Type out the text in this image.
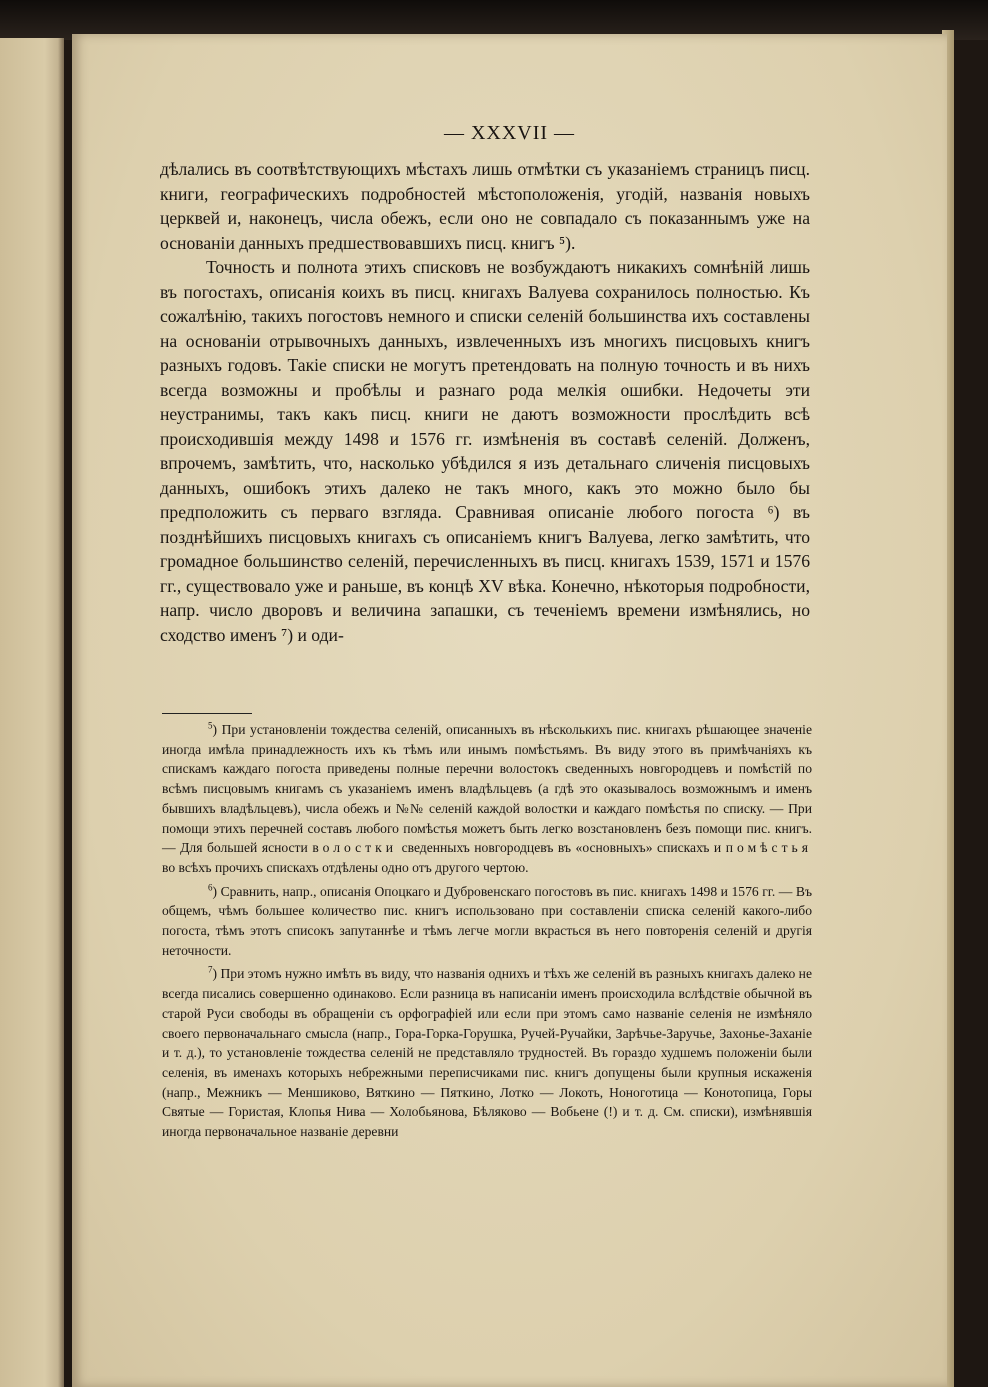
— XXXVII —

дѣлались въ соотвѣтствующихъ мѣстахъ лишь отмѣтки съ указаніемъ страницъ писц. книги, географическихъ подробностей мѣстоположенія, угодій, названія новыхъ церквей и, наконецъ, числа обежъ, если оно не совпадало съ показаннымъ уже на основаніи данныхъ предшествовавшихъ писц. книгъ ⁵).

Точность и полнота этихъ списковъ не возбуждаютъ никакихъ сомнѣній лишь въ погостахъ, описанія коихъ въ писц. книгахъ Валуева сохранилось полностью. Къ сожалѣнію, такихъ погостовъ немного и списки селеній большинства ихъ составлены на основаніи отрывочныхъ данныхъ, извлеченныхъ изъ многихъ писцовыхъ книгъ разныхъ годовъ. Такіе списки не могутъ претендовать на полную точность и въ нихъ всегда возможны и пробѣлы и разнаго рода мелкія ошибки. Недочеты эти неустранимы, такъ какъ писц. книги не даютъ возможности прослѣдить всѣ происходившія между 1498 и 1576 гг. измѣненія въ составѣ селеній. Долженъ, впрочемъ, замѣтить, что, насколько убѣдился я изъ детальнаго сличенія писцовыхъ данныхъ, ошибокъ этихъ далеко не такъ много, какъ это можно было бы предположить съ перваго взгляда. Сравнивая описаніе любого погоста ⁶) въ позднѣйшихъ писцовыхъ книгахъ съ описаніемъ книгъ Валуева, легко замѣтить, что громадное большинство селеній, перечисленныхъ въ писц. книгахъ 1539, 1571 и 1576 гг., существовало уже и раньше, въ концѣ XV вѣка. Конечно, нѣкоторыя подробности, напр. число дворовъ и величина запашки, съ теченіемъ времени измѣнялись, но сходство именъ ⁷) и оди-

$^5$) При установленіи тождества селеній, описанныхъ въ нѣсколькихъ пис. книгахъ рѣшающее значеніе иногда имѣла принадлежность ихъ къ тѣмъ или инымъ помѣстьямъ. Въ виду этого въ примѣчаніяхъ къ спискамъ каждаго погоста приведены полные перечни волостокъ сведенныхъ новгородцевъ и помѣстій по всѣмъ писцовымъ книгамъ съ указаніемъ именъ владѣльцевъ (а гдѣ это оказывалось возможнымъ и именъ бывшихъ владѣльцевъ), числа обежъ и №№ селеній каждой волостки и каждаго помѣстья по списку. — При помощи этихъ перечней составъ любого помѣстья можетъ быть легко возстановленъ безъ помощи пис. книгъ. — Для большей ясности волостки сведенныхъ новгородцевъ въ «основныхъ» спискахъ и помѣстья во всѣхъ прочихъ спискахъ отдѣлены одно отъ другого чертою.

$^6$) Сравнить, напр., описанія Опоцкаго и Дубровенскаго погостовъ въ пис. книгахъ 1498 и 1576 гг. — Въ общемъ, чѣмъ большее количество пис. книгъ использовано при составленіи списка селеній какого-либо погоста, тѣмъ этотъ списокъ запутаннѣе и тѣмъ легче могли вкрасться въ него повторенія селеній и другія неточности.

$^7$) При этомъ нужно имѣть въ виду, что названія однихъ и тѣхъ же селеній въ разныхъ книгахъ далеко не всегда писались совершенно одинаково. Если разница въ написаніи именъ происходила вслѣдствіе обычной въ старой Руси свободы въ обращеніи съ орфографіей или если при этомъ само названіе селенія не измѣняло своего первоначальнаго смысла (напр., Гора-Горка-Горушка, Ручей-Ручайки, Зарѣчье-Заручье, Захонье-Заханіе и т. д.), то установленіе тождества селеній не представляло трудностей. Въ гораздо худшемъ положеніи были селенія, въ именахъ которыхъ небрежными переписчиками пис. книгъ допущены были крупныя искаженія (напр., Межникъ — Меншиково, Вяткино — Пяткино, Лотко — Локоть, Ноноготица — Конотопица, Горы Святые — Гористая, Клопья Нива — Холобьянова, Бѣляково — Вобьене (!) и т. д. См. списки), измѣнявшія иногда первоначальное названіе деревни
